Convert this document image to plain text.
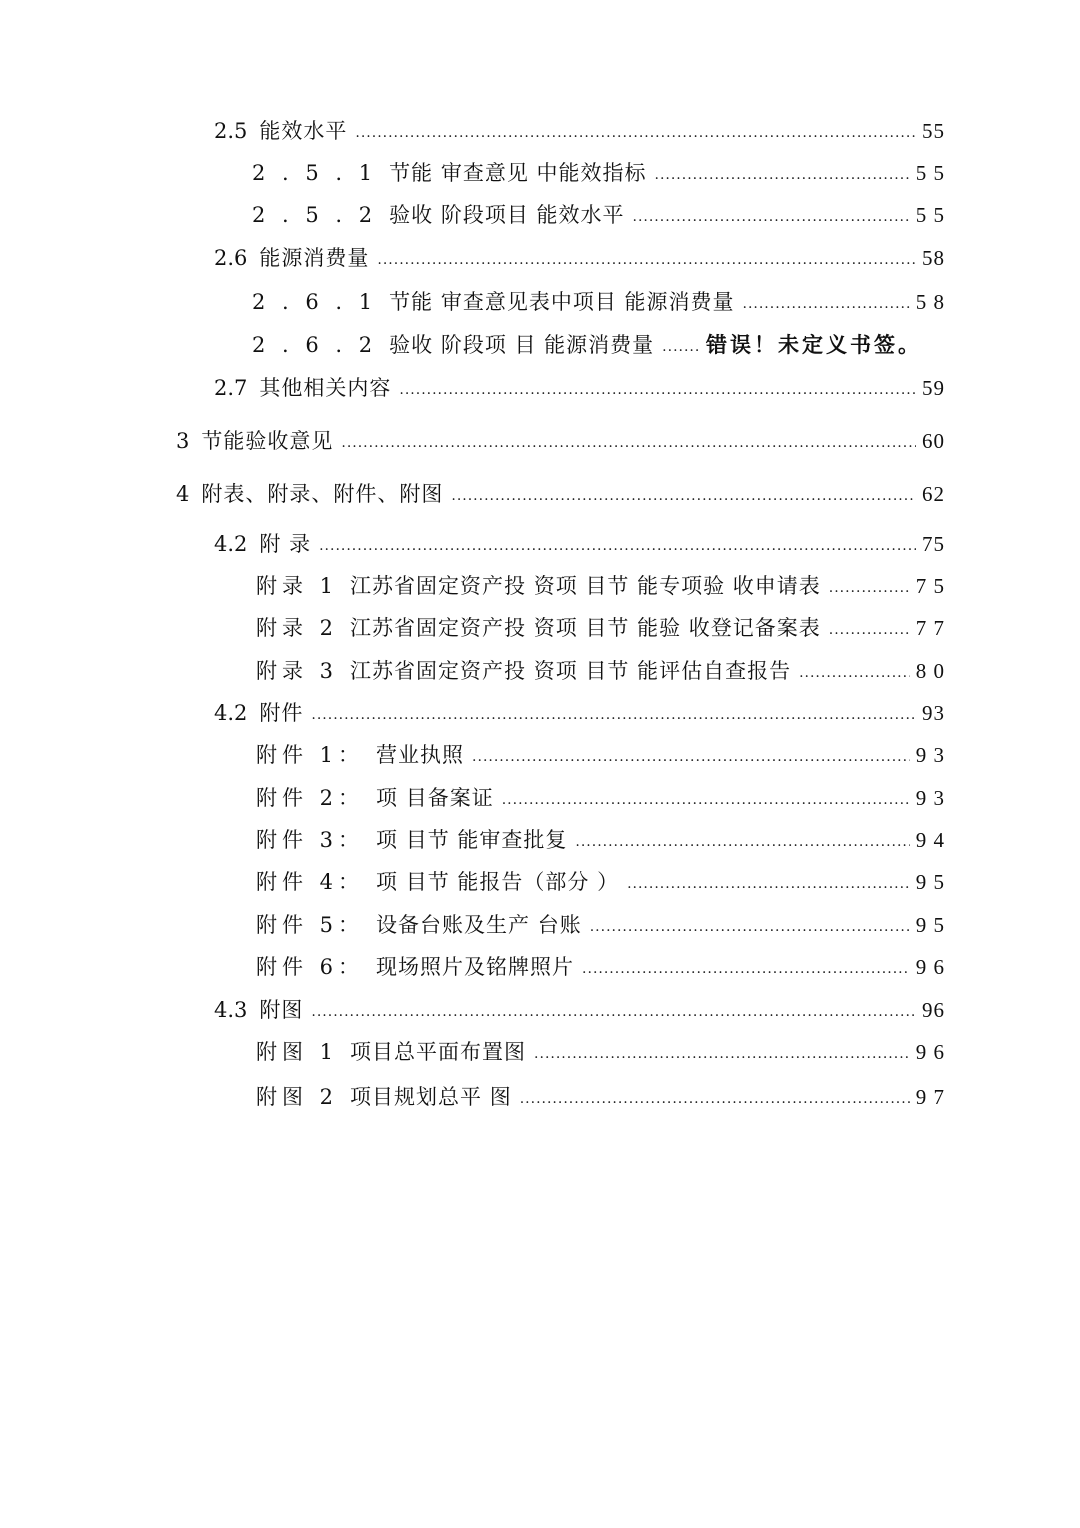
2.5 能效水平 .....	55
2 . 5 . 1 节能 审查意见 中能效指标 .....	5 5
2 . 5 . 2 验收 阶段项目 能效水平 .....	5 5
2.6 能源消费量 .....	58
2 . 6 . 1 节能 审查意见表中项目 能源消费量 .....	5 8
2 . 6 . 2 验收 阶段项 目 能源消费量 ..... 错误！未定义书签。
2.7 其他相关内容 .....	59
3 节能验收意见 .....	60
4 附表、附录、附件、附图 .....	62
4.2 附 录 .....	75
附录 1 江苏省固定资产投 资项 目节 能专项验 收申请表 .....	7 5
附录 2 江苏省固定资产投 资项 目节 能验 收登记备案表 .....	7 7
附录 3 江苏省固定资产投 资项 目节 能评估自查报告 .....	8 0
4.2 附件 .....	93
附件 1： 营业执照 .....	9 3
附件 2： 项 目备案证 .....	9 3
附件 3： 项 目节 能审查批复 .....	9 4
附件 4： 项 目节 能报告（部分 ） .....	9 5
附件 5： 设备台账及生产 台账 .....	9 5
附件 6： 现场照片及铭牌照片 .....	9 6
4.3 附图 .....	96
附图 1 项目总平面布置图 .....	9 6
附图 2 项目规划总平 图 .....	9 7
